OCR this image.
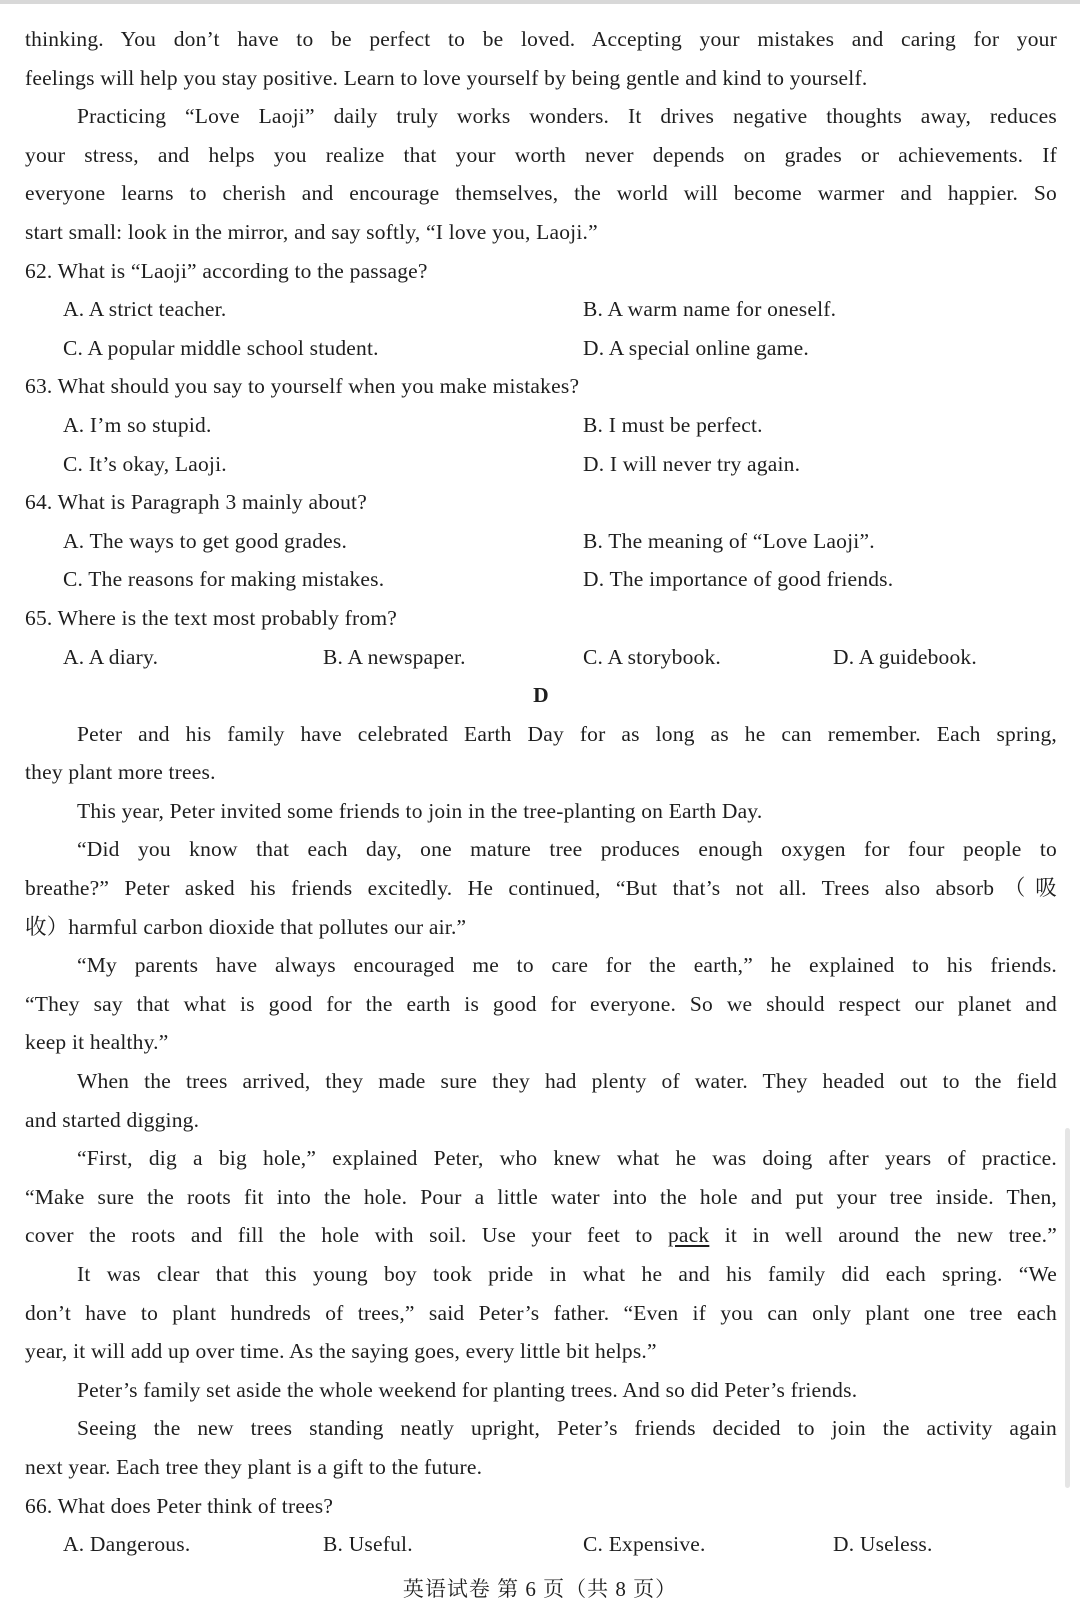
thinking. You don’t have to be perfect to be loved. Accepting your mistakes and caring for your

feelings will help you stay positive. Learn to love yourself by being gentle and kind to yourself.

Practicing “Love Laoji” daily truly works wonders. It drives negative thoughts away, reduces

your stress, and helps you realize that your worth never depends on grades or achievements. If

everyone learns to cherish and encourage themselves, the world will become warmer and happier. So

start small: look in the mirror, and say softly, “I love you, Laoji.”

62. What is “Laoji” according to the passage?

A. A strict teacher.	B. A warm name for oneself.
C. A popular middle school student.	D. A special online game.

63. What should you say to yourself when you make mistakes?

A. I’m so stupid.	B. I must be perfect.
C. It’s okay, Laoji.	D. I will never try again.

64. What is Paragraph 3 mainly about?

A. The ways to get good grades.	B. The meaning of “Love Laoji”.
C. The reasons for making mistakes.	D. The importance of good friends.

65. Where is the text most probably from?

A. A diary.	B. A newspaper.	C. A storybook.	D. A guidebook.

D

Peter and his family have celebrated Earth Day for as long as he can remember. Each spring,

they plant more trees.

This year, Peter invited some friends to join in the tree-planting on Earth Day.

“Did you know that each day, one mature tree produces enough oxygen for four people to

breathe?” Peter asked his friends excitedly. He continued, “But that’s not all. Trees also absorb（吸

收）harmful carbon dioxide that pollutes our air.”

“My parents have always encouraged me to care for the earth,” he explained to his friends.

“They say that what is good for the earth is good for everyone. So we should respect our planet and

keep it healthy.”

When the trees arrived, they made sure they had plenty of water. They headed out to the field

and started digging.

“First, dig a big hole,” explained Peter, who knew what he was doing after years of practice.

“Make sure the roots fit into the hole. Pour a little water into the hole and put your tree inside. Then,

cover the roots and fill the hole with soil. Use your feet to pack it in well around the new tree.”

It was clear that this young boy took pride in what he and his family did each spring. “We

don’t have to plant hundreds of trees,” said Peter’s father. “Even if you can only plant one tree each

year, it will add up over time. As the saying goes, every little bit helps.”

Peter’s family set aside the whole weekend for planting trees. And so did Peter’s friends.

Seeing the new trees standing neatly upright, Peter’s friends decided to join the activity again

next year. Each tree they plant is a gift to the future.

66. What does Peter think of trees?

A. Dangerous.	B. Useful.	C. Expensive.	D. Useless.
英语试卷 第 6 页（共 8 页）
